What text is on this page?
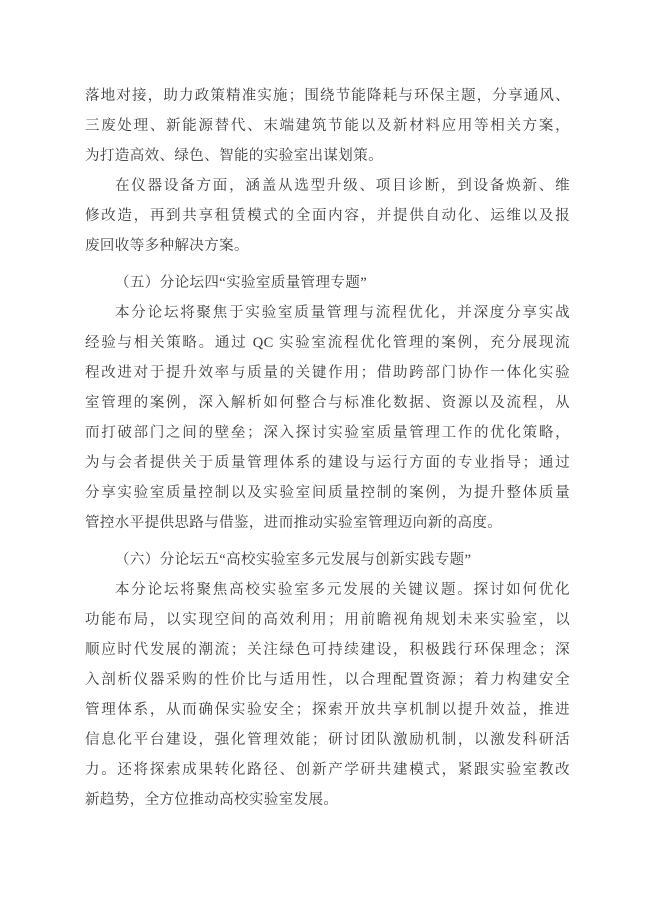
落地对接，助力政策精准实施；围绕节能降耗与环保主题，分享通风、
三废处理、新能源替代、末端建筑节能以及新材料应用等相关方案，
为打造高效、绿色、智能的实验室出谋划策。

在仪器设备方面，涵盖从选型升级、项目诊断，到设备焕新、维
修改造，再到共享租赁模式的全面内容，并提供自动化、运维以及报
废回收等多种解决方案。

（五）分论坛四“实验室质量管理专题”

本分论坛将聚焦于实验室质量管理与流程优化，并深度分享实战
经验与相关策略。通过 QC 实验室流程优化管理的案例，充分展现流
程改进对于提升效率与质量的关键作用；借助跨部门协作一体化实验
室管理的案例，深入解析如何整合与标准化数据、资源以及流程，从
而打破部门之间的壁垒；深入探讨实验室质量管理工作的优化策略，
为与会者提供关于质量管理体系的建设与运行方面的专业指导；通过
分享实验室质量控制以及实验室间质量控制的案例，为提升整体质量
管控水平提供思路与借鉴，进而推动实验室管理迈向新的高度。

（六）分论坛五“高校实验室多元发展与创新实践专题”

本分论坛将聚焦高校实验室多元发展的关键议题。探讨如何优化
功能布局，以实现空间的高效利用；用前瞻视角规划未来实验室，以
顺应时代发展的潮流；关注绿色可持续建设，积极践行环保理念；深
入剖析仪器采购的性价比与适用性，以合理配置资源；着力构建安全
管理体系，从而确保实验安全；探索开放共享机制以提升效益，推进
信息化平台建设，强化管理效能；研讨团队激励机制，以激发科研活
力。还将探索成果转化路径、创新产学研共建模式，紧跟实验室教改
新趋势，全方位推动高校实验室发展。
